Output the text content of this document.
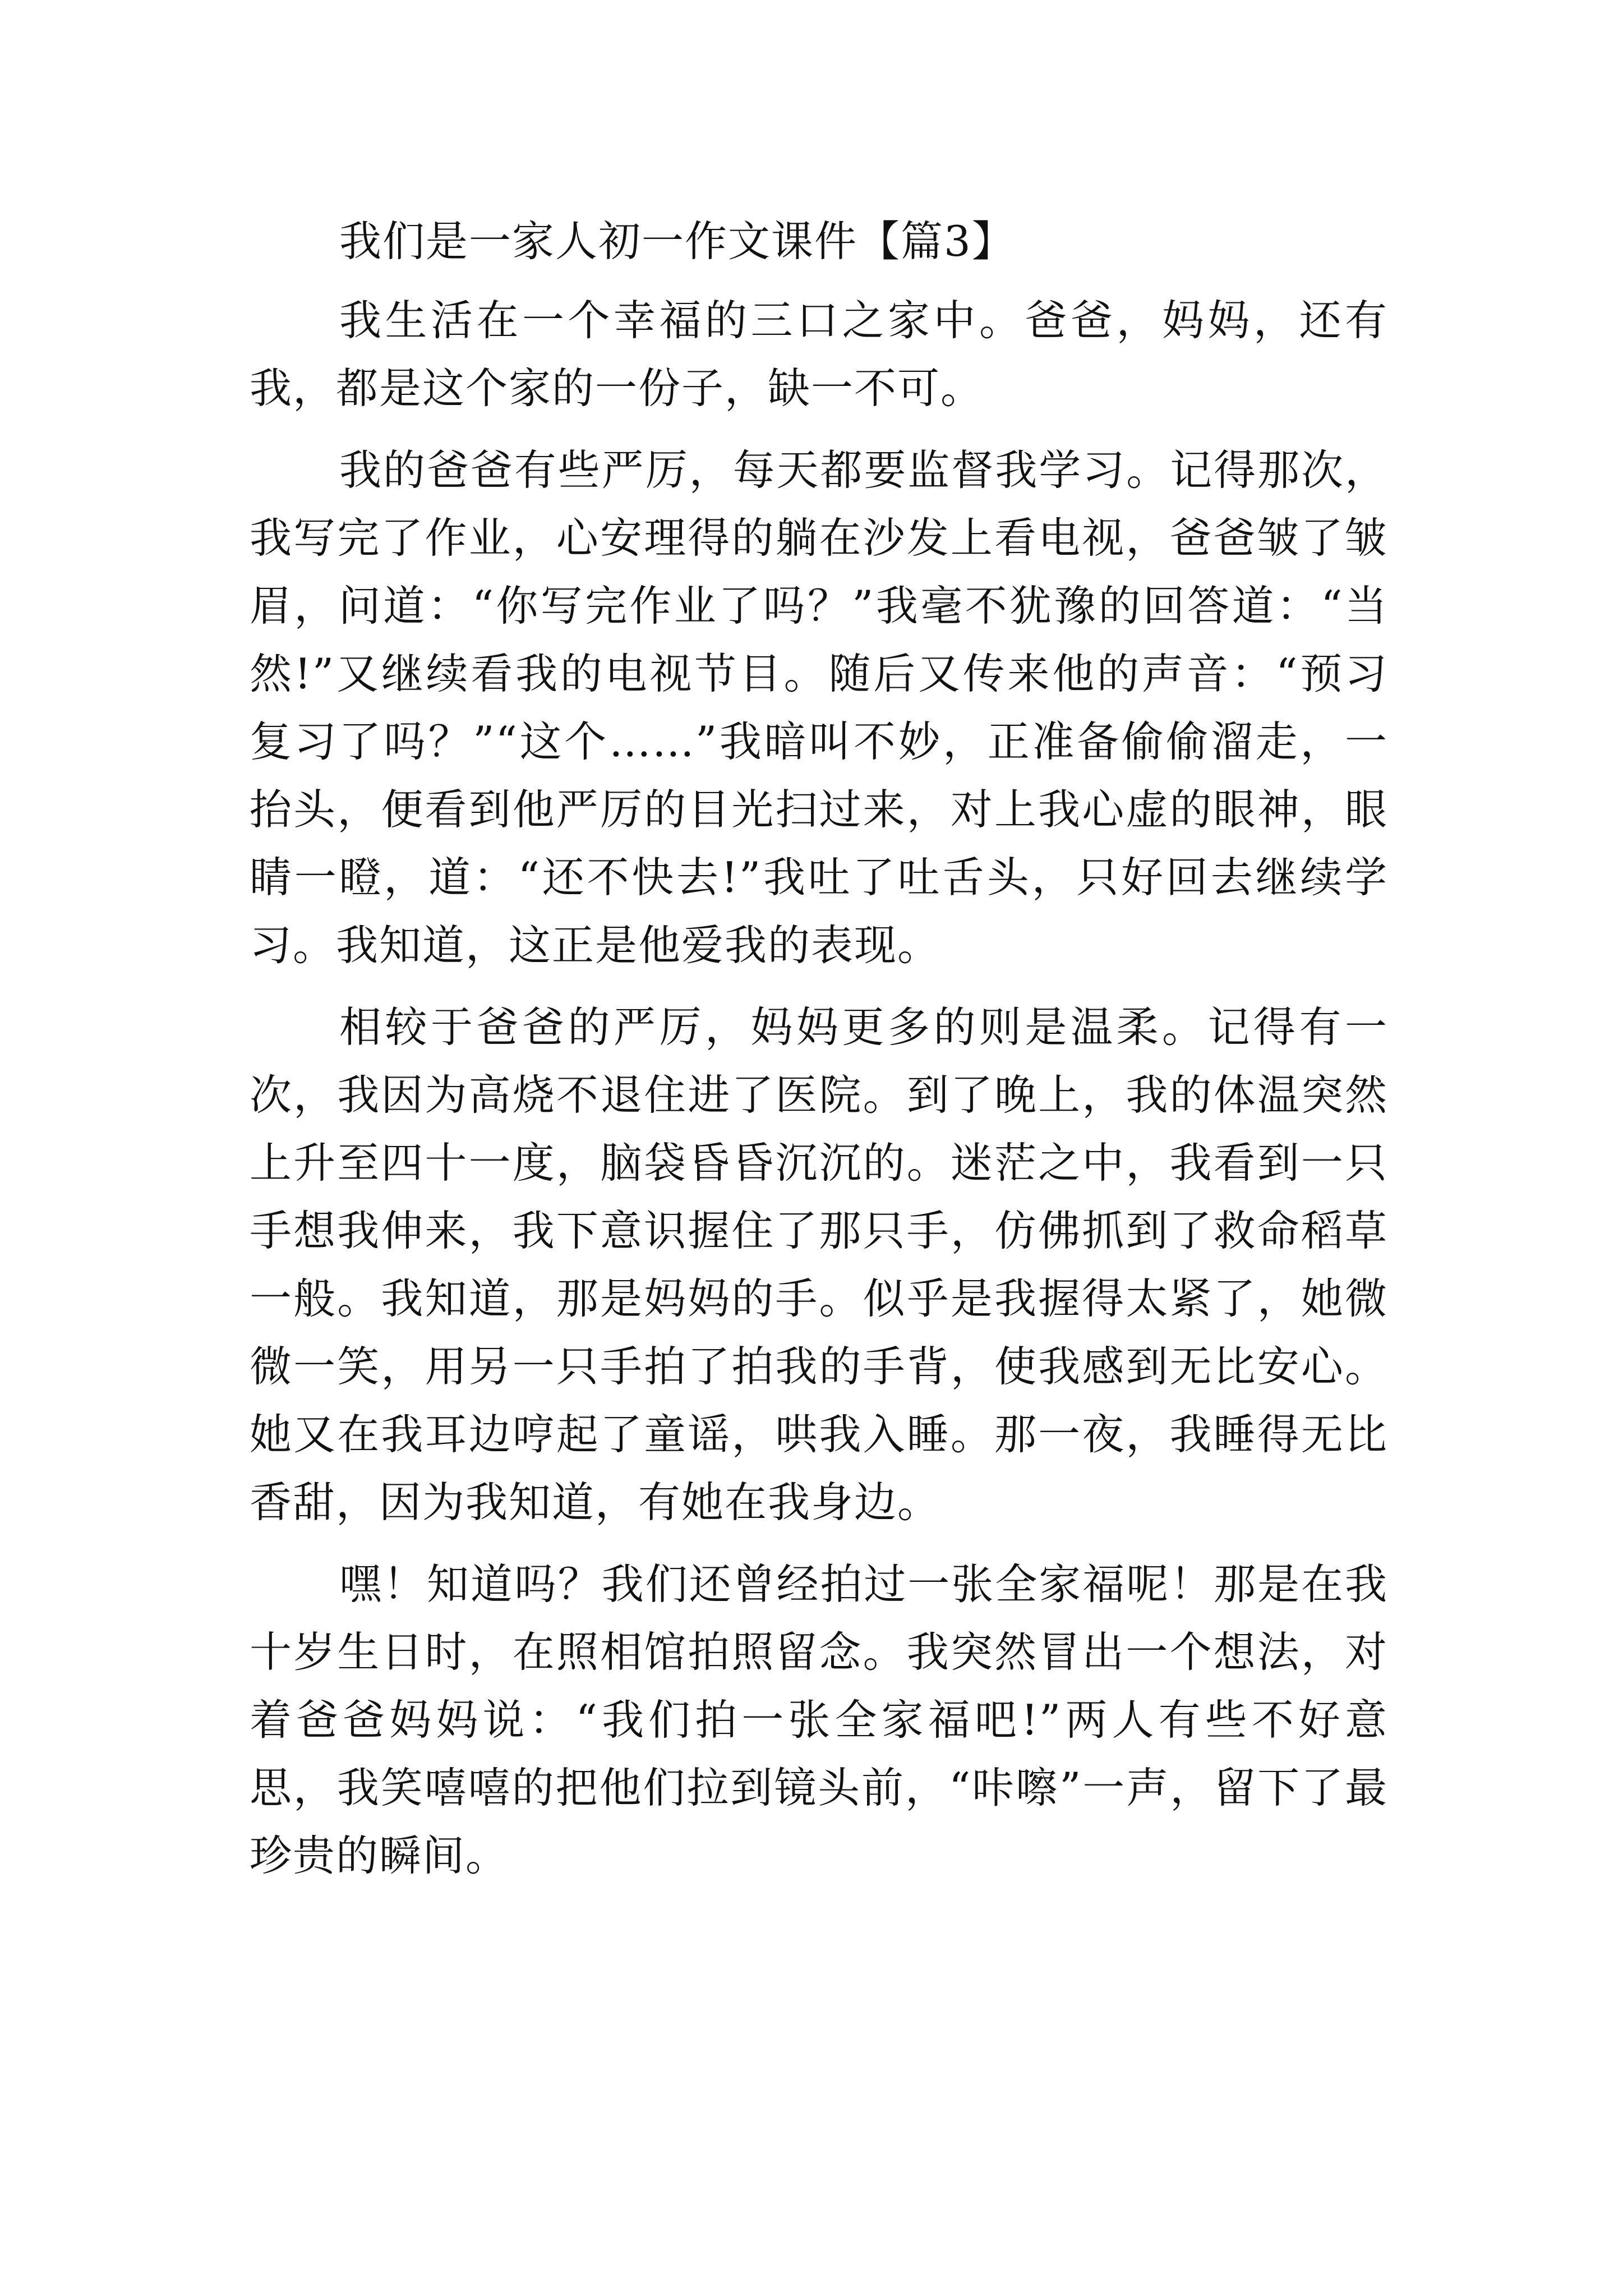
我们是一家人初一作文课件【篇3】

我生活在一个幸福的三口之家中。爸爸，妈妈，还有我，都是这个家的一份子，缺一不可。

我的爸爸有些严厉，每天都要监督我学习。记得那次，我写完了作业，心安理得的躺在沙发上看电视，爸爸皱了皱眉，问道：“你写完作业了吗？”我毫不犹豫的回答道：“当然!”又继续看我的电视节目。随后又传来他的声音：“预习复习了吗？”“这个……”我暗叫不妙，正准备偷偷溜走，一抬头，便看到他严厉的目光扫过来，对上我心虚的眼神，眼睛一瞪，道：“还不快去!”我吐了吐舌头，只好回去继续学习。我知道，这正是他爱我的表现。

相较于爸爸的严厉，妈妈更多的则是温柔。记得有一次，我因为高烧不退住进了医院。到了晚上，我的体温突然上升至四十一度，脑袋昏昏沉沉的。迷茫之中，我看到一只手想我伸来，我下意识握住了那只手，仿佛抓到了救命稻草一般。我知道，那是妈妈的手。似乎是我握得太紧了，她微微一笑，用另一只手拍了拍我的手背，使我感到无比安心。她又在我耳边哼起了童谣，哄我入睡。那一夜，我睡得无比香甜，因为我知道，有她在我身边。

嘿！知道吗？我们还曾经拍过一张全家福呢！那是在我十岁生日时，在照相馆拍照留念。我突然冒出一个想法，对着爸爸妈妈说：“我们拍一张全家福吧!”两人有些不好意思，我笑嘻嘻的把他们拉到镜头前，“咔嚓”一声，留下了最珍贵的瞬间。
